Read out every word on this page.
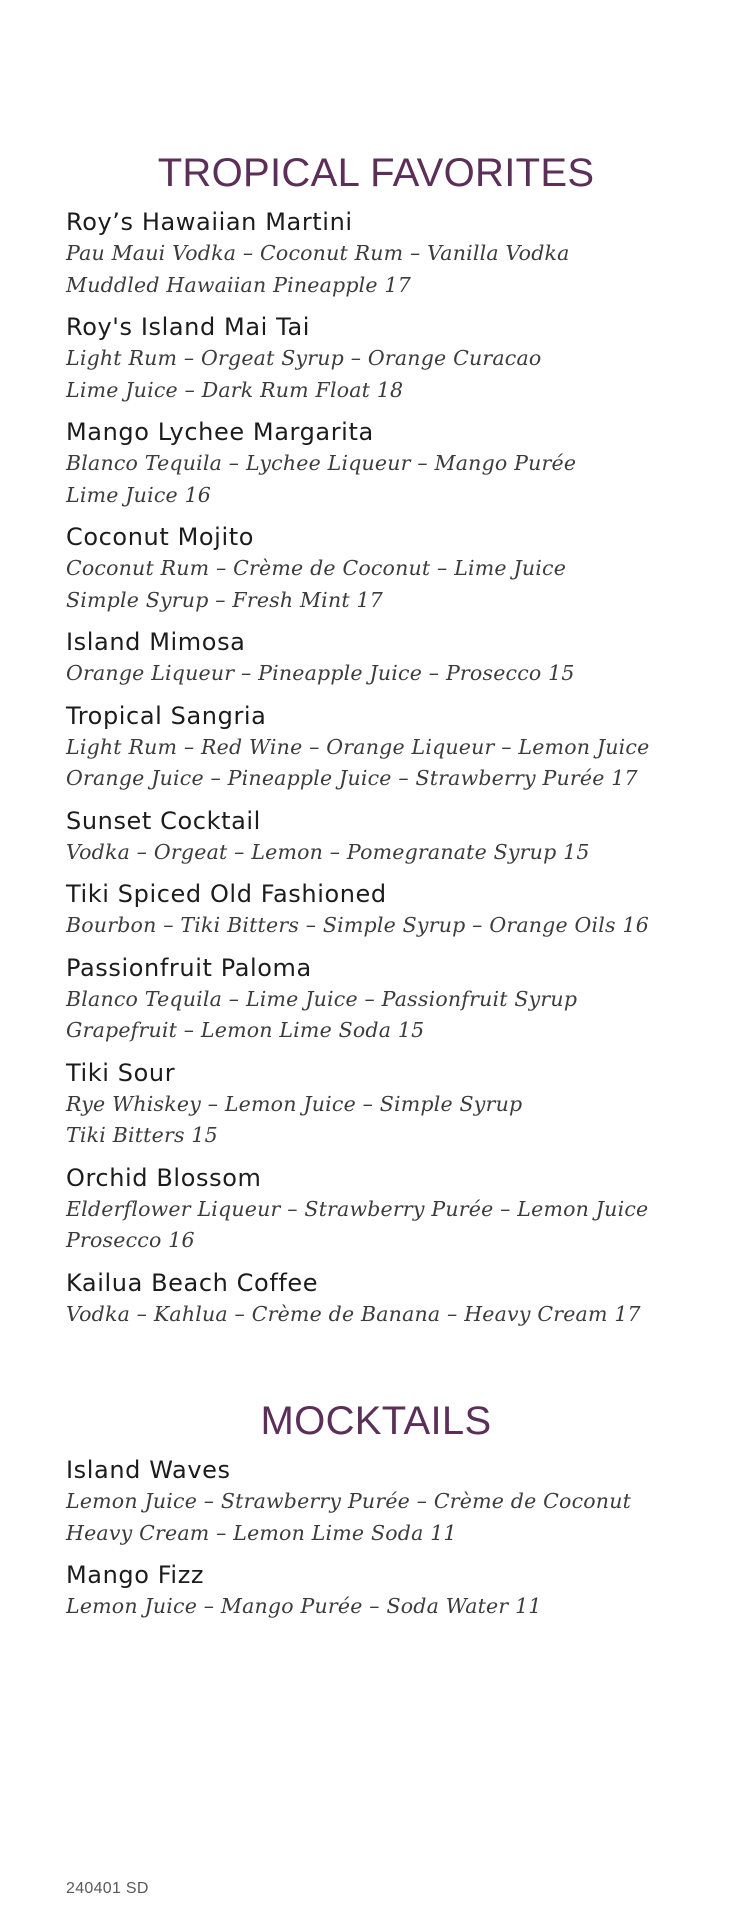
TROPICAL FAVORITES
Roy’s Hawaiian Martini
Pau Maui Vodka – Coconut Rum – Vanilla Vodka
Muddled Hawaiian Pineapple 17
Roy's Island Mai Tai
Light Rum – Orgeat Syrup – Orange Curacao
Lime Juice – Dark Rum Float 18
Mango Lychee Margarita
Blanco Tequila – Lychee Liqueur – Mango Purée
Lime Juice 16
Coconut Mojito
Coconut Rum – Crème de Coconut – Lime Juice
Simple Syrup – Fresh Mint 17
Island Mimosa
Orange Liqueur – Pineapple Juice – Prosecco 15
Tropical Sangria
Light Rum – Red Wine – Orange Liqueur – Lemon Juice
Orange Juice – Pineapple Juice – Strawberry Purée 17
Sunset Cocktail
Vodka – Orgeat – Lemon – Pomegranate Syrup 15
Tiki Spiced Old Fashioned
Bourbon – Tiki Bitters – Simple Syrup – Orange Oils 16
Passionfruit Paloma
Blanco Tequila – Lime Juice – Passionfruit Syrup
Grapefruit – Lemon Lime Soda 15
Tiki Sour
Rye Whiskey – Lemon Juice – Simple Syrup
Tiki Bitters 15
Orchid Blossom
Elderflower Liqueur – Strawberry Purée – Lemon Juice
Prosecco 16
Kailua Beach Coffee
Vodka – Kahlua – Crème de Banana – Heavy Cream 17
MOCKTAILS
Island Waves
Lemon Juice – Strawberry Purée – Crème de Coconut
Heavy Cream – Lemon Lime Soda 11
Mango Fizz
Lemon Juice – Mango Purée – Soda Water 11
240401 SD
